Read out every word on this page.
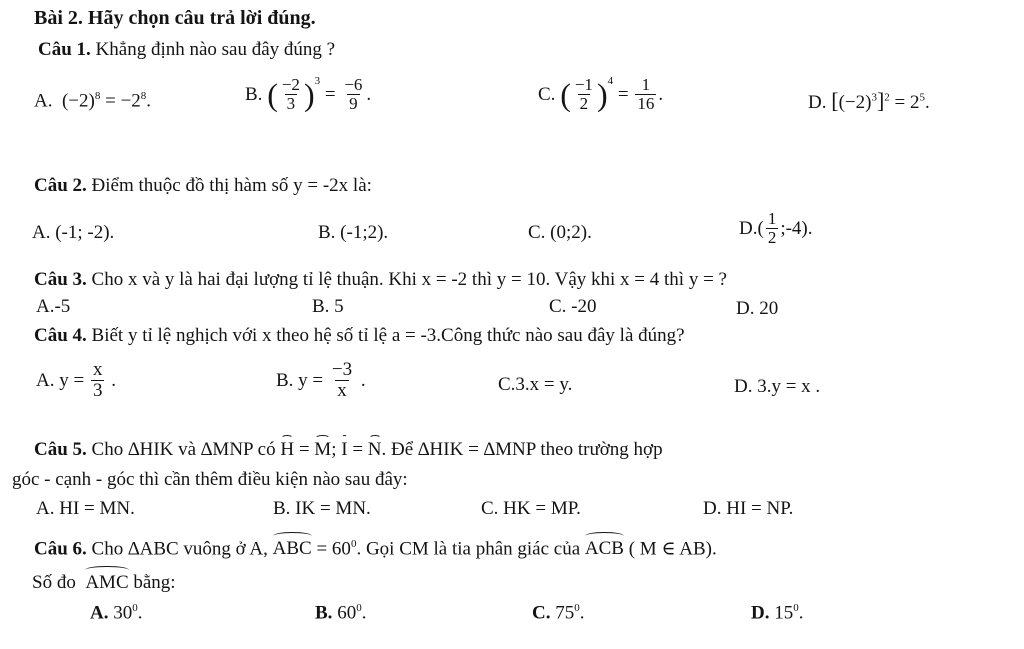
Bài 2. Hãy chọn câu trả lời đúng.
Câu 1. Khẳng định nào sau đây đúng ?
A. $(-2)^8 = -2^8$.	B. ( $\frac{-2}{3} )^3 = \frac{-6}{9}$ .	C. ( $\frac{-1}{2} )^4 = \frac{1}{16}$ .	D. $[(-2)^3]^2 = 2^5$.
Câu 2. Điểm thuộc đồ thị hàm số y = -2x là:
A. (-1; -2).	B. (-1;2).	C. (0;2).	$D.( \frac{1}{2}$ ;-4).
Câu 3. Cho x và y là hai đại lượng tỉ lệ thuận. Khi x = -2 thì y = 10. Vậy khi x = 4 thì y = ?
A.-5	B. 5	C. -20	D. 20
Câu 4. Biết y tỉ lệ nghịch với x theo hệ số tỉ lệ a = -3.Công thức nào sau đây là đúng?
A. $y = \frac{x}{3}$ .	B. $y = \frac{-3}{x}$ .	C.3.x = y.	D. 3.y = x .
Câu 5. Cho ∆HIK và ∆MNP có H = M; I = N. Để ∆HIK = ∆MNP theo trường hợp
góc - cạnh - góc thì cần thêm điều kiện nào sau đây:
A. HI = MN.	B. IK = MN.	C. HK = MP.	D. HI = NP.
Câu 6. Cho ∆ABC vuông ở A, ABC = $60^0$. Gọi CM là tia phân giác của ACB ( M ∈ AB).
Số đo AMC bằng:
A. $30^0$.	B. $60^0$.	C. $75^0$.	D. $15^0$.
